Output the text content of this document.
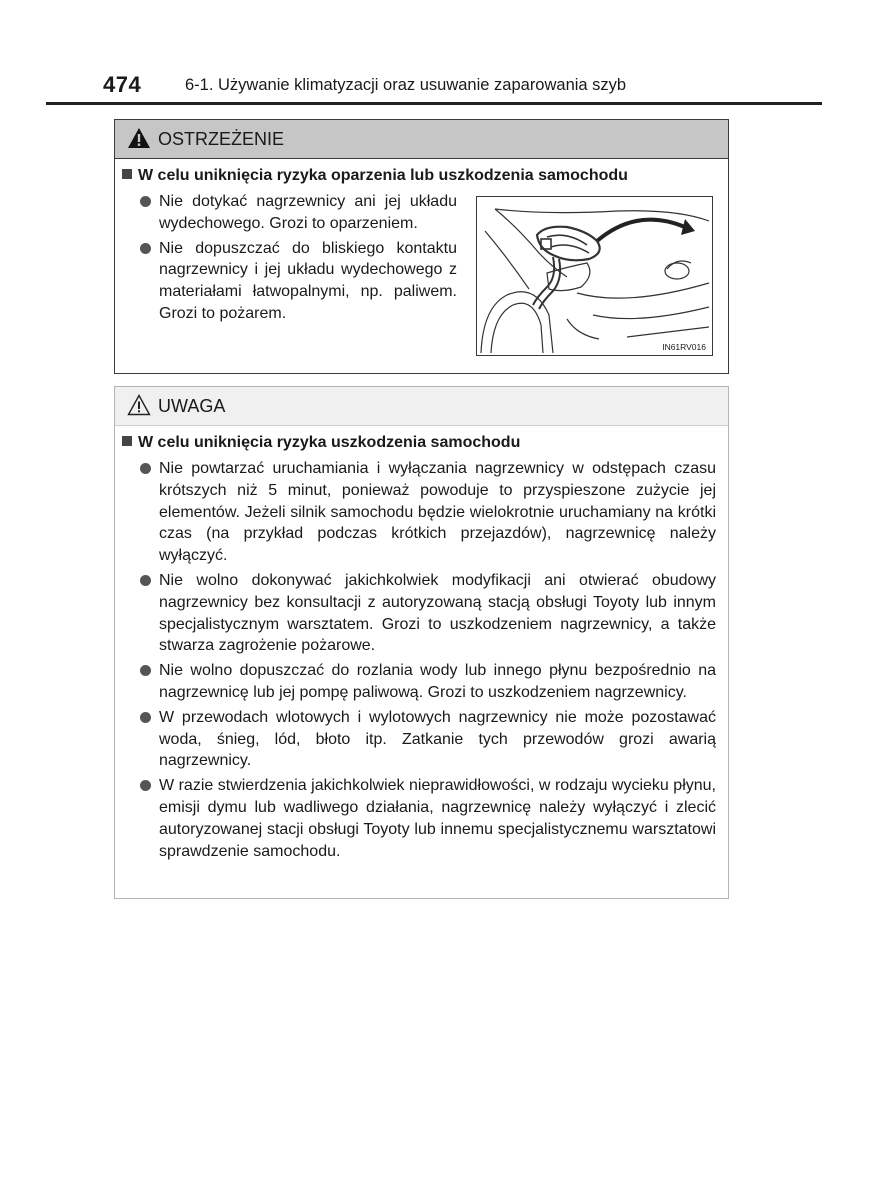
474	6-1. Używanie klimatyzacji oraz usuwanie zaparowania szyb
OSTRZEŻENIE
W celu uniknięcia ryzyka oparzenia lub uszkodzenia samochodu
Nie dotykać nagrzewnicy ani jej układu wydechowego. Grozi to oparzeniem.
Nie dopuszczać do bliskiego kontaktu nagrzewnicy i jej układu wydechowego z materiałami łatwopalnymi, np. paliwem. Grozi to pożarem.
IN61RV016
UWAGA
W celu uniknięcia ryzyka uszkodzenia samochodu
Nie powtarzać uruchamiania i wyłączania nagrzewnicy w odstępach czasu krótszych niż 5 minut, ponieważ powoduje to przyspieszone zużycie jej elementów. Jeżeli silnik samochodu będzie wielokrotnie uruchamiany na krótki czas (na przykład podczas krótkich przejazdów), nagrzewnicę należy wyłączyć.
Nie wolno dokonywać jakichkolwiek modyfikacji ani otwierać obudowy nagrzewnicy bez konsultacji z autoryzowaną stacją obsługi Toyoty lub innym specjalistycznym warsztatem. Grozi to uszkodzeniem nagrzewnicy, a także stwarza zagrożenie pożarowe.
Nie wolno dopuszczać do rozlania wody lub innego płynu bezpośrednio na nagrzewnicę lub jej pompę paliwową. Grozi to uszkodzeniem nagrzewnicy.
W przewodach wlotowych i wylotowych nagrzewnicy nie może pozostawać woda, śnieg, lód, błoto itp. Zatkanie tych przewodów grozi awarią nagrzewnicy.
W razie stwierdzenia jakichkolwiek nieprawidłowości, w rodzaju wycieku płynu, emisji dymu lub wadliwego działania, nagrzewnicę należy wyłączyć i zlecić autoryzowanej stacji obsługi Toyoty lub innemu specjalistycznemu warsztatowi sprawdzenie samochodu.
